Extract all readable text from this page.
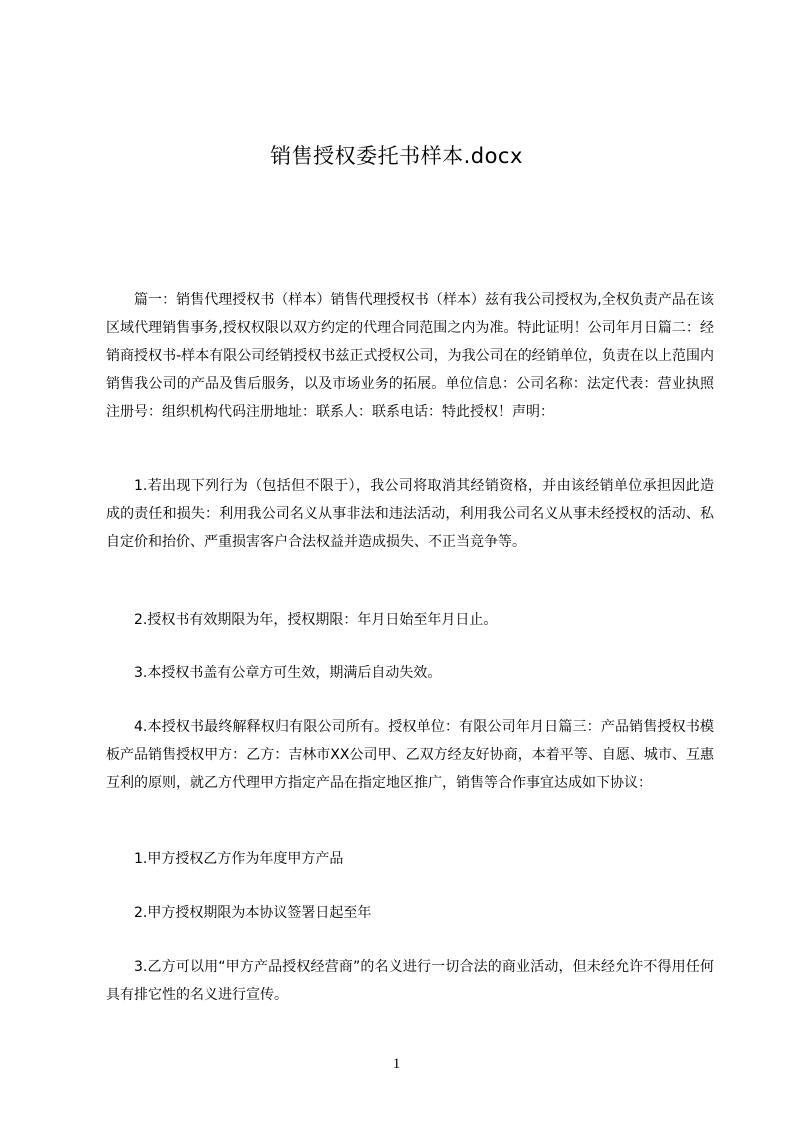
销售授权委托书样本.docx

篇一：销售代理授权书（样本）销售代理授权书（样本）兹有我公司授权为,全权负责产品在该区域代理销售事务,授权权限以双方约定的代理合同范围之内为准。特此证明！公司年月日篇二：经销商授权书-样本有限公司经销授权书兹正式授权公司，为我公司在的经销单位，负责在以上范围内销售我公司的产品及售后服务，以及市场业务的拓展。单位信息：公司名称：法定代表：营业执照注册号：组织机构代码注册地址：联系人：联系电话：特此授权！声明：

1.若出现下列行为（包括但不限于），我公司将取消其经销资格，并由该经销单位承担因此造成的责任和损失：利用我公司名义从事非法和违法活动，利用我公司名义从事未经授权的活动、私自定价和抬价、严重损害客户合法权益并造成损失、不正当竞争等。

2.授权书有效期限为年，授权期限：年月日始至年月日止。

3.本授权书盖有公章方可生效，期满后自动失效。

4.本授权书最终解释权归有限公司所有。授权单位：有限公司年月日篇三：产品销售授权书模板产品销售授权甲方：乙方：吉林市XX公司甲、乙双方经友好协商，本着平等、自愿、城市、互惠互利的原则，就乙方代理甲方指定产品在指定地区推广，销售等合作事宜达成如下协议：

1.甲方授权乙方作为年度甲方产品

2.甲方授权期限为本协议签署日起至年

3.乙方可以用“甲方产品授权经营商”的名义进行一切合法的商业活动，但未经允许不得用任何具有排它性的名义进行宣传。

1
